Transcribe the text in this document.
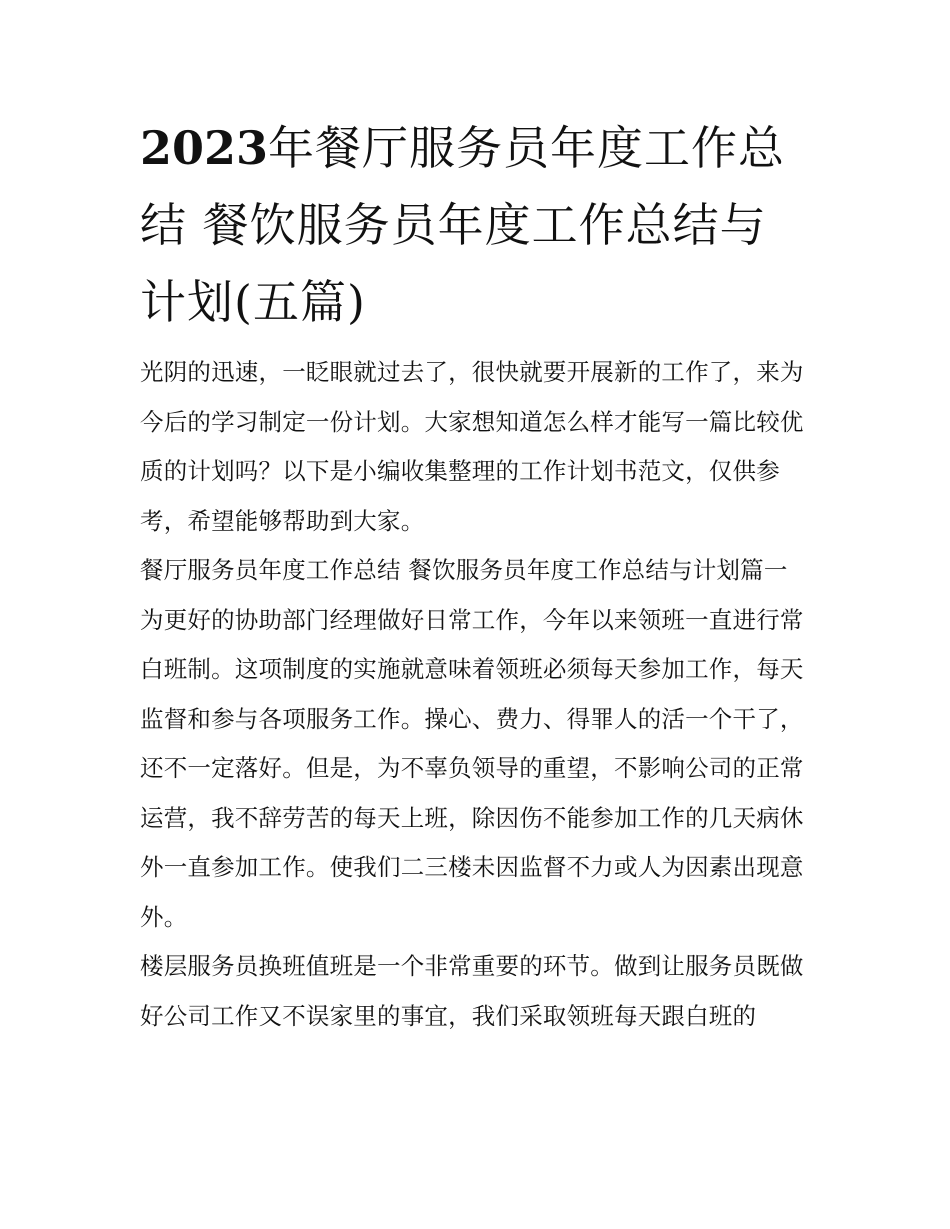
2023年餐厅服务员年度工作总结 餐饮服务员年度工作总结与计划(五篇)

光阴的迅速，一眨眼就过去了，很快就要开展新的工作了，来为今后的学习制定一份计划。大家想知道怎么样才能写一篇比较优质的计划吗？以下是小编收集整理的工作计划书范文，仅供参考，希望能够帮助到大家。

餐厅服务员年度工作总结 餐饮服务员年度工作总结与计划篇一

为更好的协助部门经理做好日常工作，今年以来领班一直进行常白班制。这项制度的实施就意味着领班必须每天参加工作，每天监督和参与各项服务工作。操心、费力、得罪人的活一个干了，还不一定落好。但是，为不辜负领导的重望，不影响公司的正常运营，我不辞劳苦的每天上班，除因伤不能参加工作的几天病休外一直参加工作。使我们二三楼未因监督不力或人为因素出现意外。

楼层服务员换班值班是一个非常重要的环节。做到让服务员既做好公司工作又不误家里的事宜，我们采取领班每天跟白班的
